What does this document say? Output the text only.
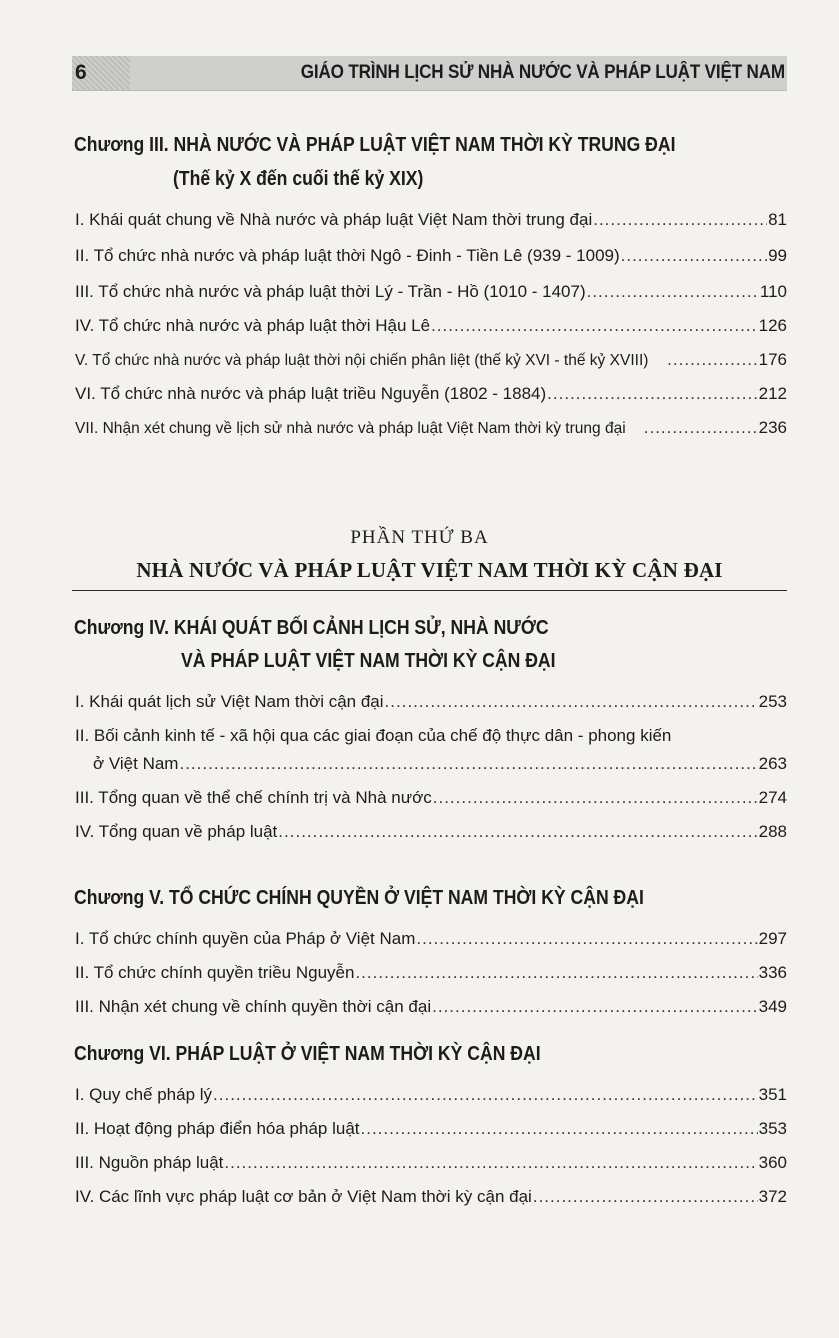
6	GIÁO TRÌNH LỊCH SỬ NHÀ NƯỚC VÀ PHÁP LUẬT VIỆT NAM
Chương III. NHÀ NƯỚC VÀ PHÁP LUẬT VIỆT NAM THỜI KỲ TRUNG ĐẠI
(Thế kỷ X đến cuối thế kỷ XIX)
I. Khái quát chung về Nhà nước và pháp luật Việt Nam thời trung đại .....	81
II. Tổ chức nhà nước và pháp luật thời Ngô - Đinh - Tiền Lê (939 - 1009) .....	99
III. Tổ chức nhà nước và pháp luật thời Lý - Trần - Hồ (1010 - 1407) .....	110
IV. Tổ chức nhà nước và pháp luật thời Hậu Lê .....	126
V. Tổ chức nhà nước và pháp luật thời nội chiến phân liệt (thế kỷ XVI - thế kỷ XVIII) .....	176
VI. Tổ chức nhà nước và pháp luật triều Nguyễn (1802 - 1884) .....	212
VII. Nhận xét chung về lịch sử nhà nước và pháp luật Việt Nam thời kỳ trung đại .....	236
PHẦN THỨ BA
NHÀ NƯỚC VÀ PHÁP LUẬT VIỆT NAM THỜI KỲ CẬN ĐẠI
Chương IV. KHÁI QUÁT BỐI CẢNH LỊCH SỬ, NHÀ NƯỚC
VÀ PHÁP LUẬT VIỆT NAM THỜI KỲ CẬN ĐẠI
I. Khái quát lịch sử Việt Nam thời cận đại .....	253
II. Bối cảnh kinh tế - xã hội qua các giai đoạn của chế độ thực dân - phong kiến
ở Việt Nam .....	263
III. Tổng quan về thể chế chính trị và Nhà nước .....	274
IV. Tổng quan về pháp luật .....	288
Chương V. TỔ CHỨC CHÍNH QUYỀN Ở VIỆT NAM THỜI KỲ CẬN ĐẠI
I. Tổ chức chính quyền của Pháp ở Việt Nam .....	297
II. Tổ chức chính quyền triều Nguyễn .....	336
III. Nhận xét chung về chính quyền thời cận đại .....	349
Chương VI. PHÁP LUẬT Ở VIỆT NAM THỜI KỲ CẬN ĐẠI
I. Quy chế pháp lý .....	351
II. Hoạt động pháp điển hóa pháp luật .....	353
III. Nguồn pháp luật .....	360
IV. Các lĩnh vực pháp luật cơ bản ở Việt Nam thời kỳ cận đại .....	372
